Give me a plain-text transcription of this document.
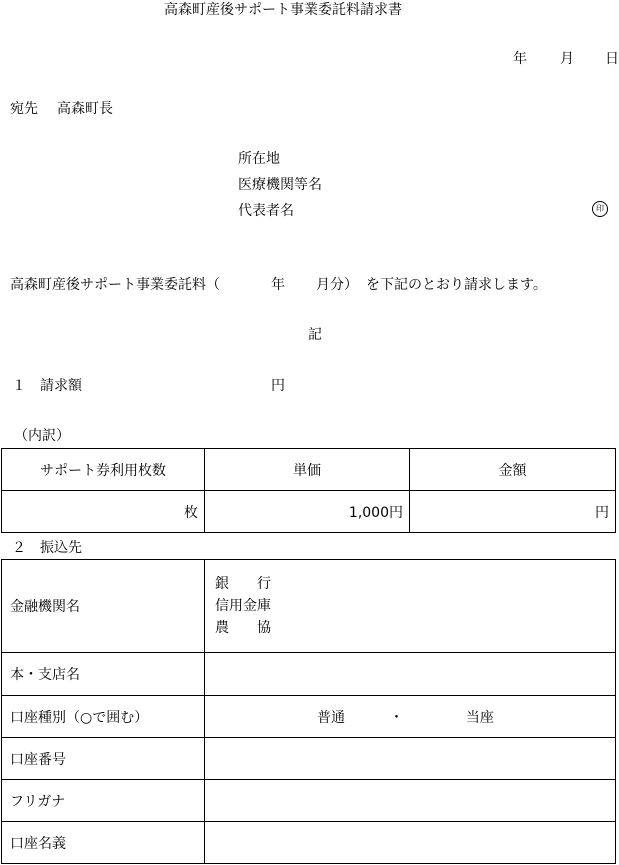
高森町産後サポート事業委託料請求書
年 月 日
宛先 高森町長
所在地
医療機関等名
代表者名	印
高森町産後サポート事業委託料（	年 月分） を下記のとおり請求します。
記
１ 請求額	円
（内訳）
サポート券利用枚数	単価	金額
枚	1,000円	円
２ 振込先
金融機関名	銀　　行
信用金庫
農　　協

本・支店名	
口座種別（○で囲む）	普通 ・ 当座
口座番号	
フリガナ	
口座名義	
